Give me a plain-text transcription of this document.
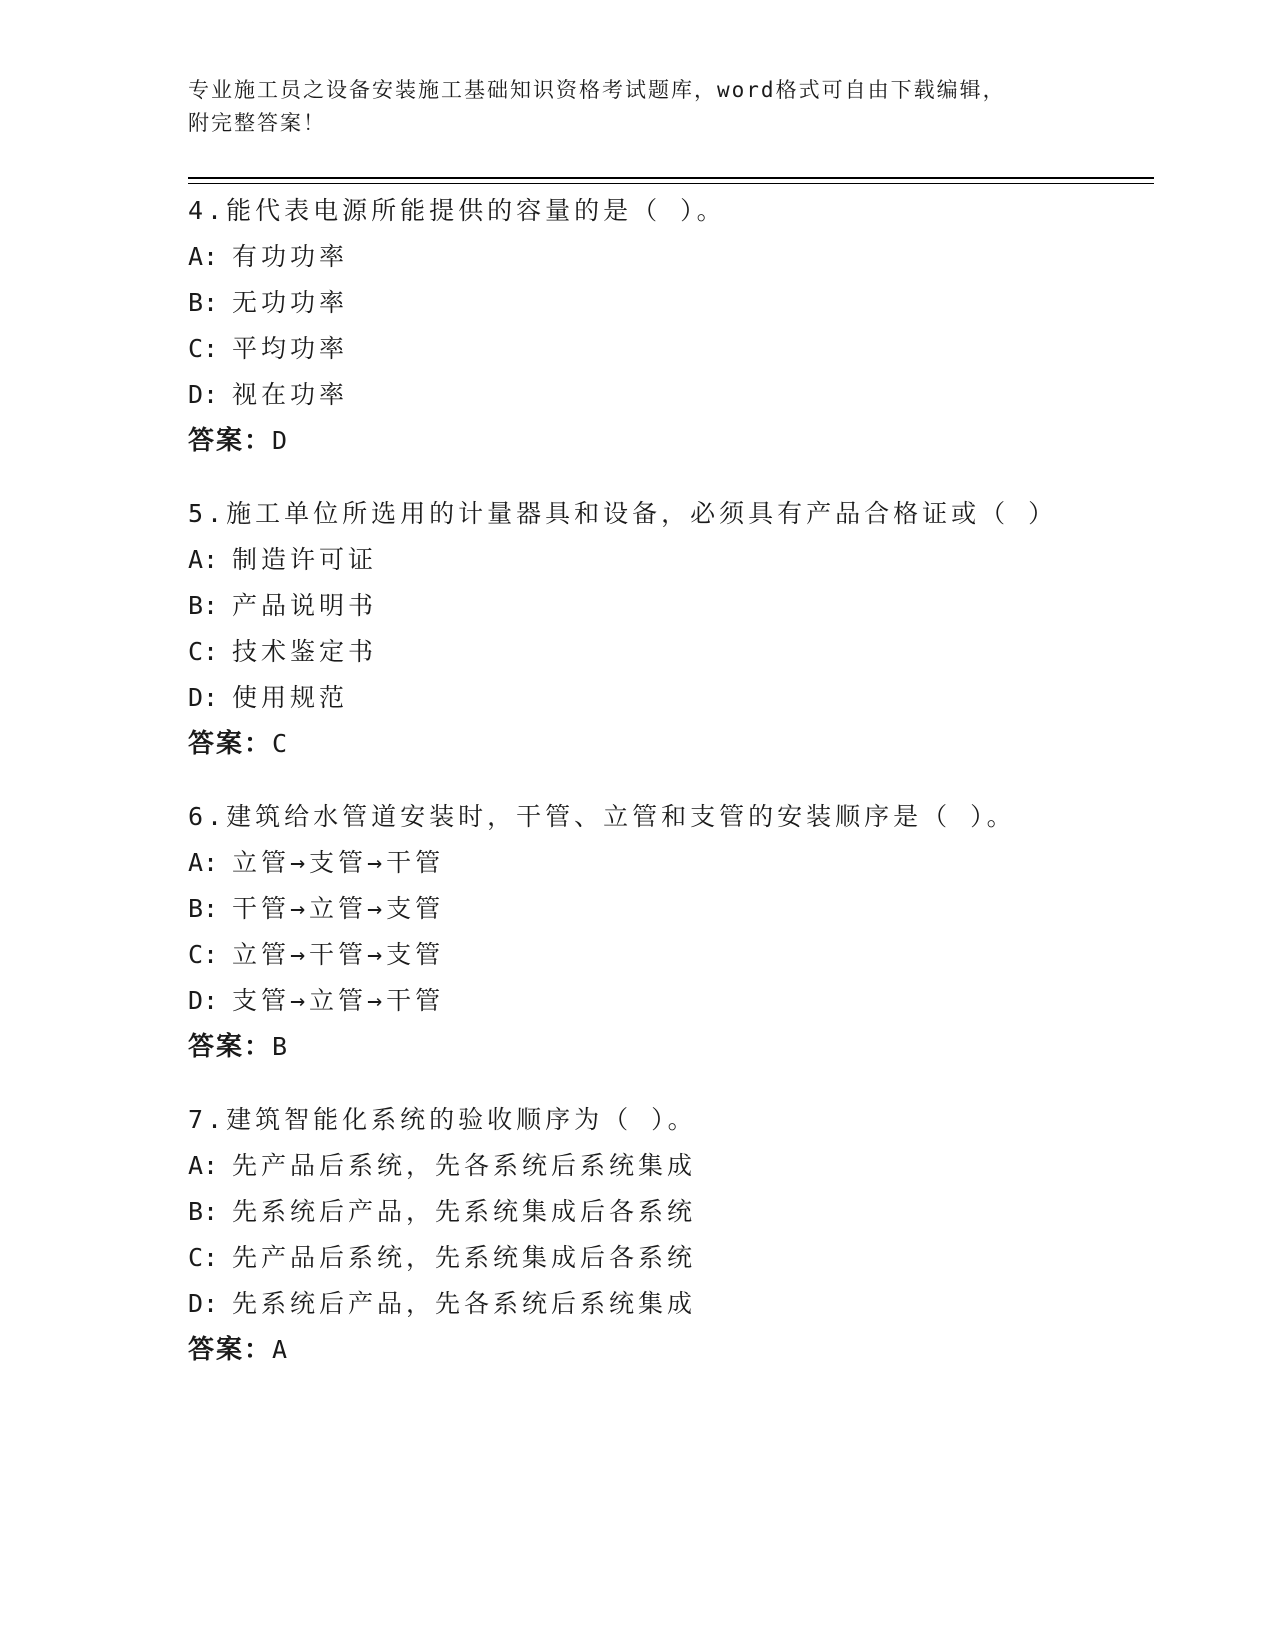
专业施工员之设备安装施工基础知识资格考试题库，word格式可自由下载编辑，
附完整答案！
4.能代表电源所能提供的容量的是（ ）。
A: 有功功率
B: 无功功率
C: 平均功率
D: 视在功率
答案：D
5.施工单位所选用的计量器具和设备，必须具有产品合格证或（ ）
A: 制造许可证
B: 产品说明书
C: 技术鉴定书
D: 使用规范
答案：C
6.建筑给水管道安装时，干管、立管和支管的安装顺序是（ ）。
A: 立管→支管→干管
B: 干管→立管→支管
C: 立管→干管→支管
D: 支管→立管→干管
答案：B
7.建筑智能化系统的验收顺序为（ ）。
A: 先产品后系统，先各系统后系统集成
B: 先系统后产品，先系统集成后各系统
C: 先产品后系统，先系统集成后各系统
D: 先系统后产品，先各系统后系统集成
答案：A
